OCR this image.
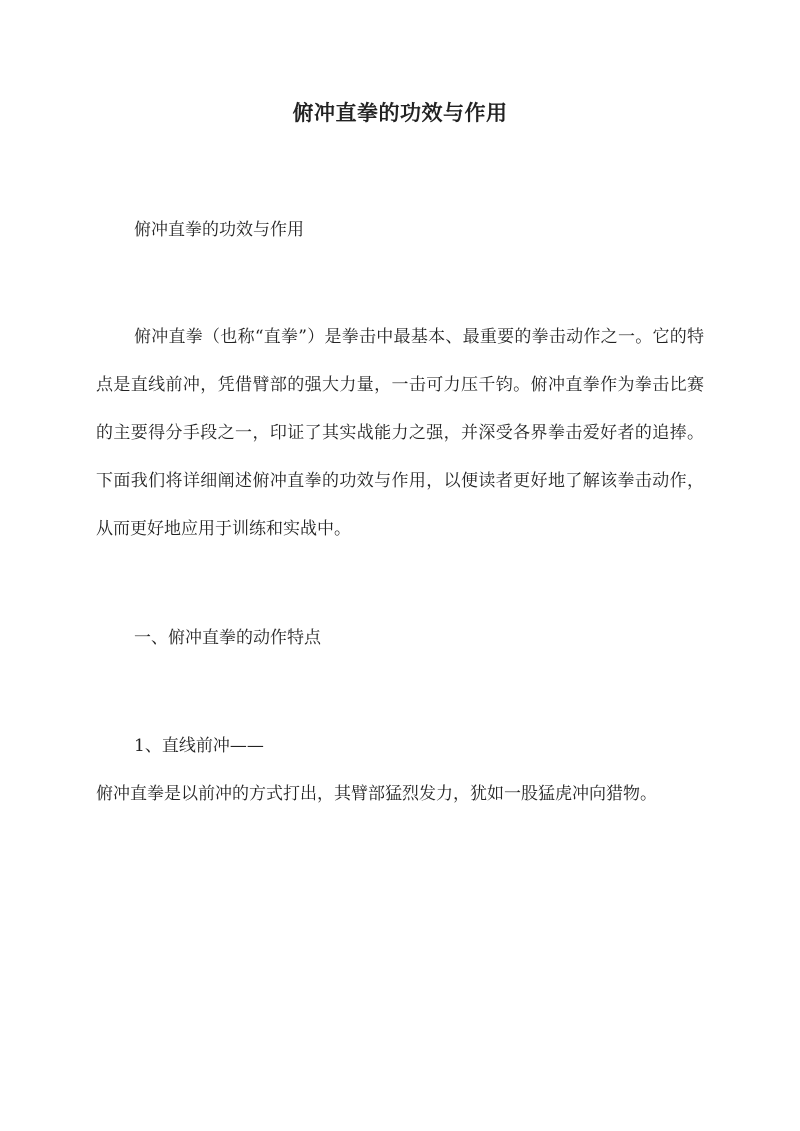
俯冲直拳的功效与作用

俯冲直拳的功效与作用

俯冲直拳（也称“直拳”）是拳击中最基本、最重要的拳击动作之一。它的特点是直线前冲，凭借臂部的强大力量，一击可力压千钧。俯冲直拳作为拳击比赛的主要得分手段之一，印证了其实战能力之强，并深受各界拳击爱好者的追捧。下面我们将详细阐述俯冲直拳的功效与作用，以便读者更好地了解该拳击动作，从而更好地应用于训练和实战中。

一、俯冲直拳的动作特点

1、直线前冲——

俯冲直拳是以前冲的方式打出，其臂部猛烈发力，犹如一股猛虎冲向猎物。
